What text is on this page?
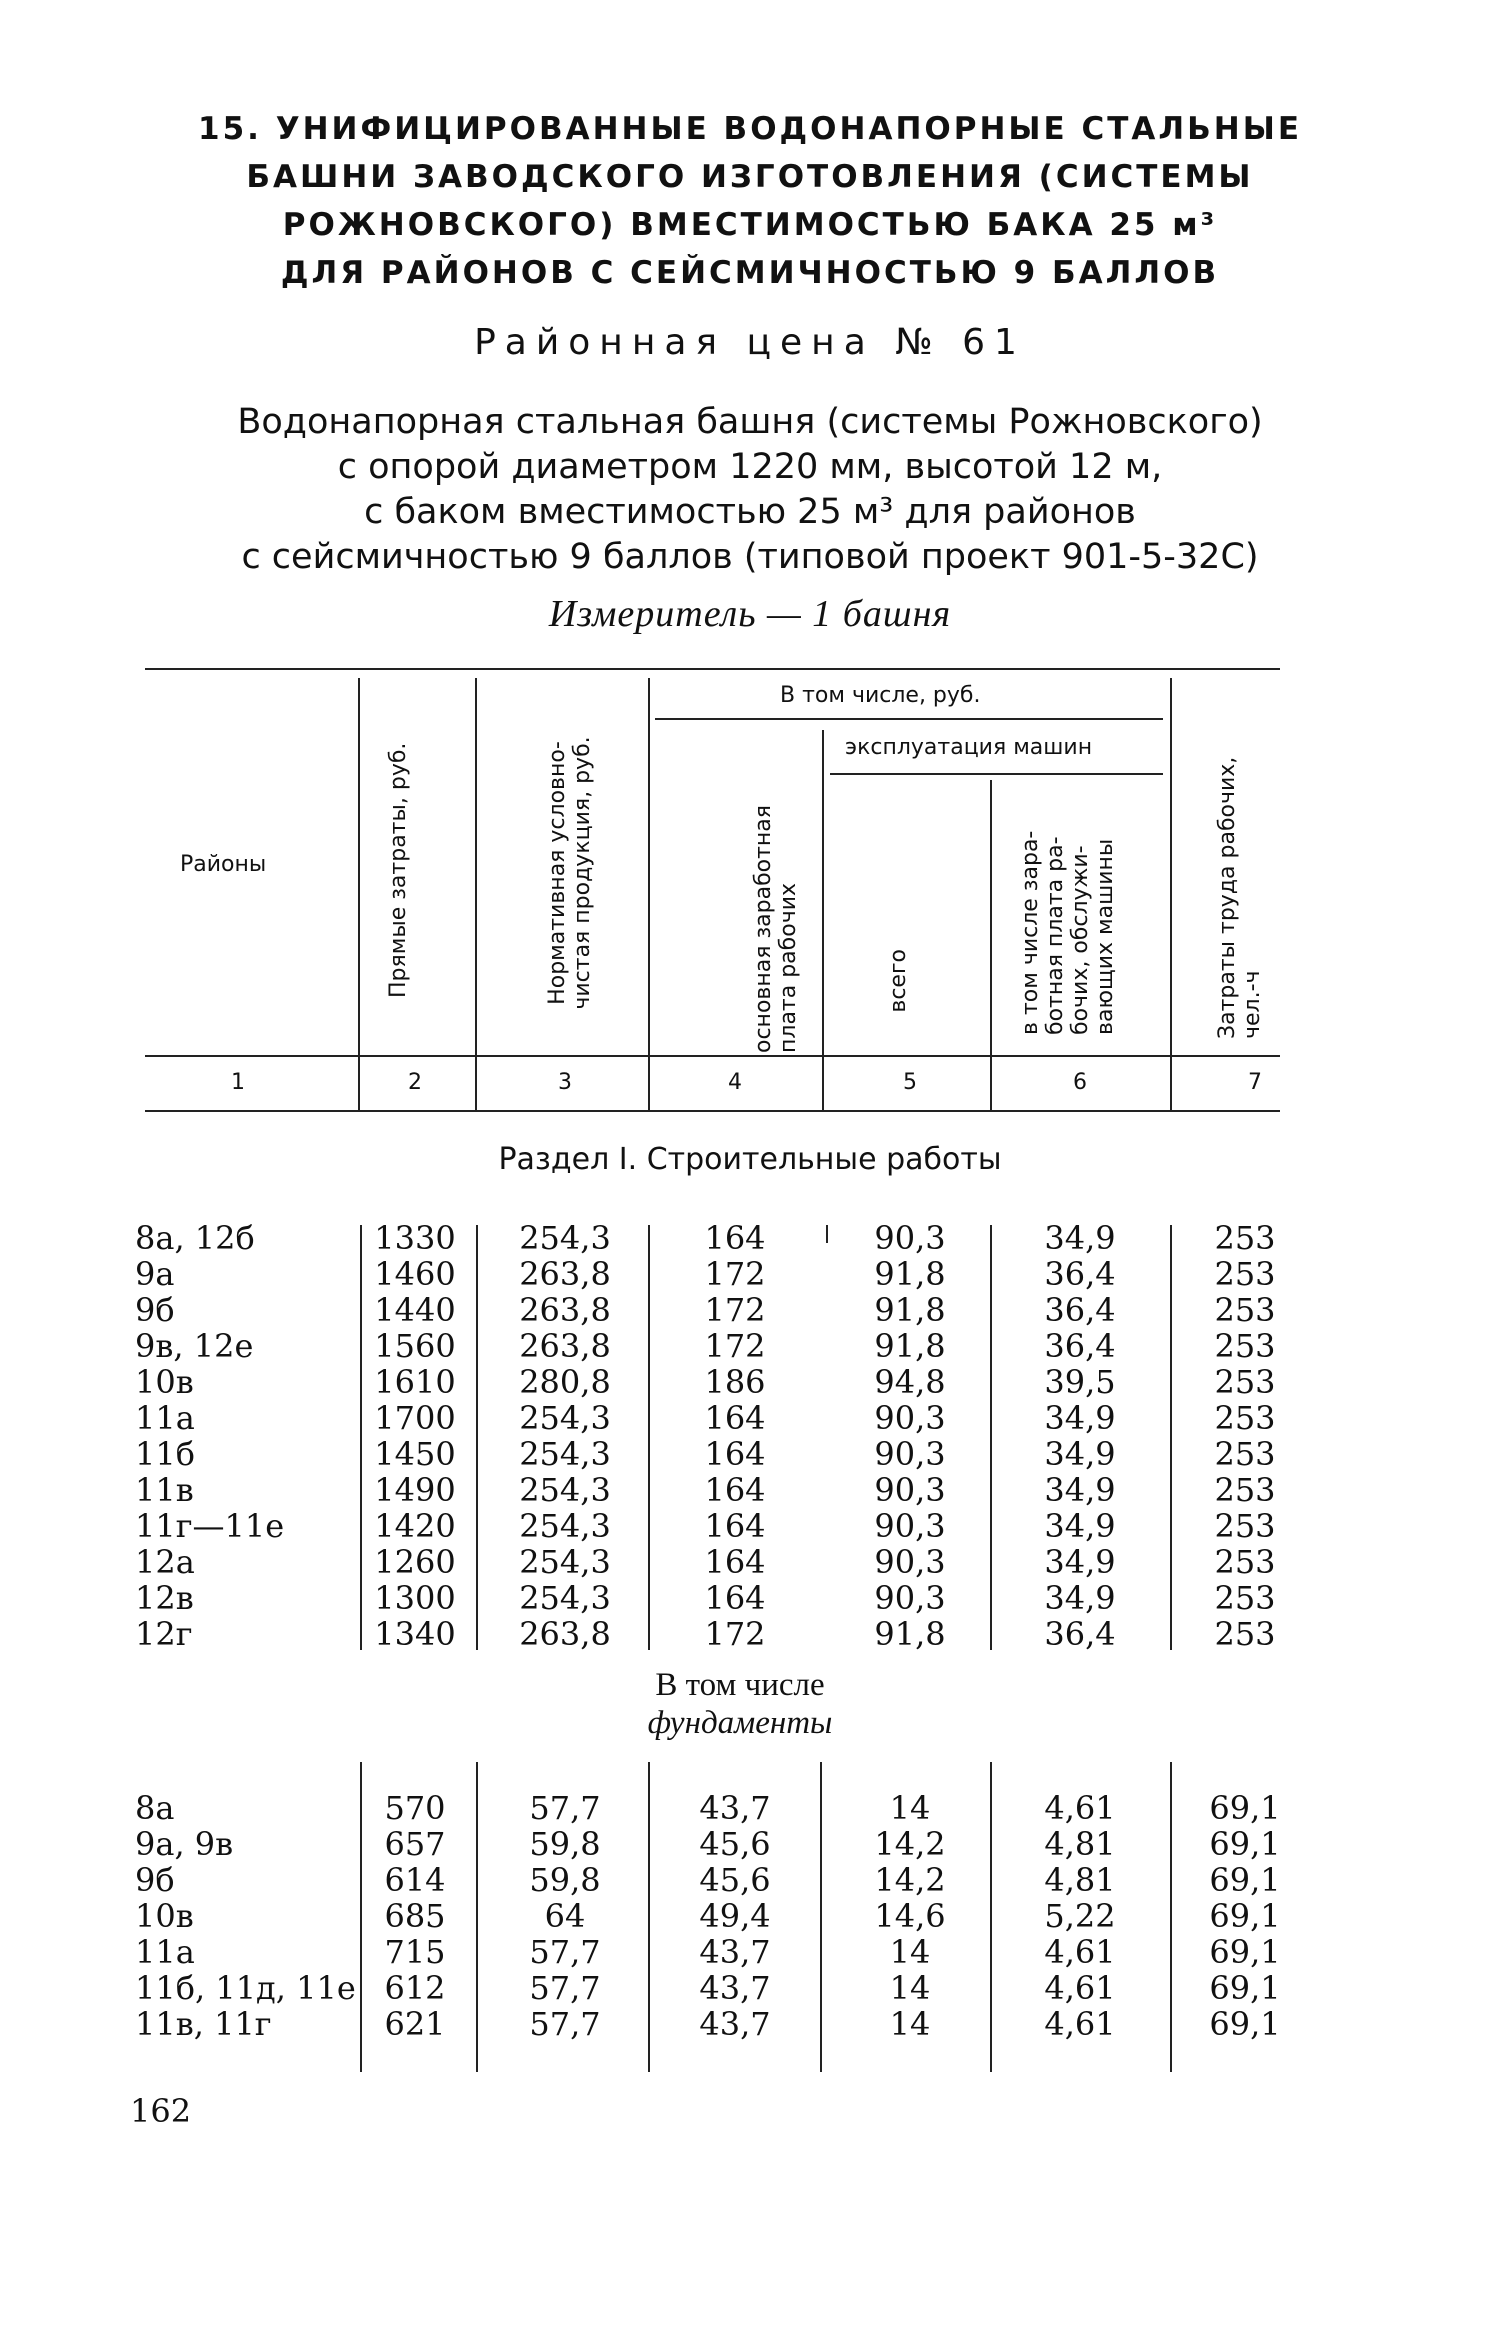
15. УНИФИЦИРОВАННЫЕ ВОДОНАПОРНЫЕ СТАЛЬНЫЕ
БАШНИ ЗАВОДСКОГО ИЗГОТОВЛЕНИЯ (СИСТЕМЫ
РОЖНОВСКОГО) ВМЕСТИМОСТЬЮ БАКА 25 м³
ДЛЯ РАЙОНОВ С СЕЙСМИЧНОСТЬЮ 9 БАЛЛОВ
Районная цена № 61
Водонапорная стальная башня (системы Рожновского)
с опорой диаметром 1220 мм, высотой 12 м,
с баком вместимостью 25 м³ для районов
с сейсмичностью 9 баллов (типовой проект 901-5-32С)
Измеритель — 1 башня
Районы
В том числе, руб.
эксплуатация машин
Прямые затраты, руб.	Нормативная условно- чистая продукция, руб.	основная заработная плата рабочих	всего	в том числе зара- ботная плата ра- бочих, обслужи- вающих машины	Затраты труда рабочих, чел.-ч
1	2	3	4	5	6	7
Раздел I. Строительные работы
8а, 12б	1330	254,3	164	90,3	34,9	253
9а	1460	263,8	172	91,8	36,4	253
9б	1440	263,8	172	91,8	36,4	253
9в, 12е	1560	263,8	172	91,8	36,4	253
10в	1610	280,8	186	94,8	39,5	253
11а	1700	254,3	164	90,3	34,9	253
11б	1450	254,3	164	90,3	34,9	253
11в	1490	254,3	164	90,3	34,9	253
11г—11е	1420	254,3	164	90,3	34,9	253
12а	1260	254,3	164	90,3	34,9	253
12в	1300	254,3	164	90,3	34,9	253
12г	1340	263,8	172	91,8	36,4	253
В том числе
фундаменты
8а	570	57,7	43,7	14	4,61	69,1
9а, 9в	657	59,8	45,6	14,2	4,81	69,1
9б	614	59,8	45,6	14,2	4,81	69,1
10в	685	64	49,4	14,6	5,22	69,1
11а	715	57,7	43,7	14	4,61	69,1
11б, 11д, 11е 612	57,7	43,7	14	4,61	69,1
11в, 11г	621	57,7	43,7	14	4,61	69,1
162
